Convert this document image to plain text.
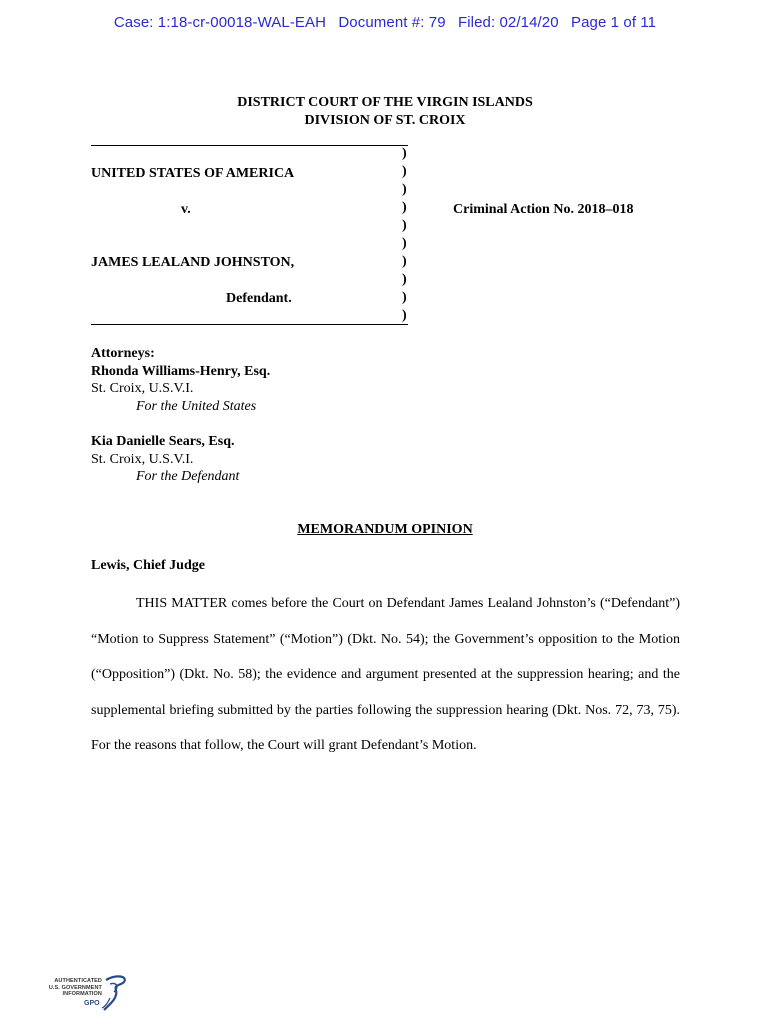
Case: 1:18-cr-00018-WAL-EAH Document #: 79 Filed: 02/14/20 Page 1 of 11
DISTRICT COURT OF THE VIRGIN ISLANDS
DIVISION OF ST. CROIX
UNITED STATES OF AMERICA
v.
JAMES LEALAND JOHNSTON,
Defendant.
Criminal Action No. 2018–018
)
)
)
)
)
)
)
)
)
)
Attorneys:
Rhonda Williams-Henry, Esq.
St. Croix, U.S.V.I.
For the United States
Kia Danielle Sears, Esq.
St. Croix, U.S.V.I.
For the Defendant
MEMORANDUM OPINION
Lewis, Chief Judge
THIS MATTER comes before the Court on Defendant James Lealand Johnston’s (“Defendant”) “Motion to Suppress Statement” (“Motion”) (Dkt. No. 54); the Government’s opposition to the Motion (“Opposition”) (Dkt. No. 58); the evidence and argument presented at the suppression hearing; and the supplemental briefing submitted by the parties following the suppression hearing (Dkt. Nos. 72, 73, 75). For the reasons that follow, the Court will grant Defendant’s Motion.
AUTHENTICATED
U.S. GOVERNMENT
INFORMATION
GPO
